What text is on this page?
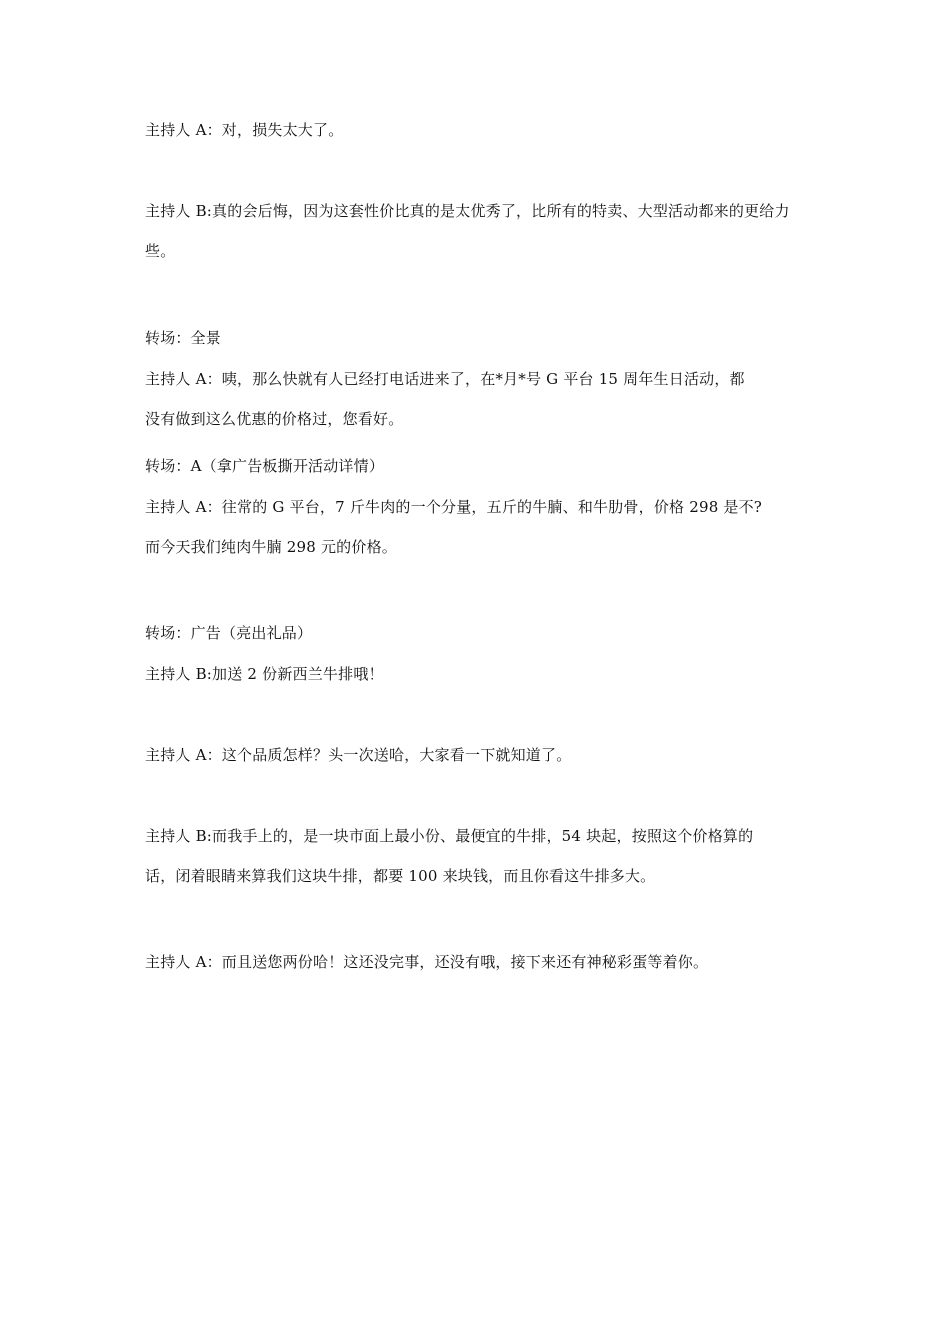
主持人 A：对，损失太大了。
主持人 B:真的会后悔，因为这套性价比真的是太优秀了，比所有的特卖、大型活动都来的更给力
些。
转场：全景
主持人 A：咦，那么快就有人已经打电话进来了，在*月*号 G 平台 15 周年生日活动，都
没有做到这么优惠的价格过，您看好。
转场：A（拿广告板撕开活动详情）
主持人 A：往常的 G 平台，7 斤牛肉的一个分量，五斤的牛腩、和牛肋骨，价格 298 是不?
而今天我们纯肉牛腩 298 元的价格。
转场：广告（亮出礼品）
主持人 B:加送 2 份新西兰牛排哦！
主持人 A：这个品质怎样？头一次送哈，大家看一下就知道了。
主持人 B:而我手上的，是一块市面上最小份、最便宜的牛排，54 块起，按照这个价格算的
话，闭着眼睛来算我们这块牛排，都要 100 来块钱，而且你看这牛排多大。
主持人 A：而且送您两份哈！这还没完事，还没有哦，接下来还有神秘彩蛋等着你。
